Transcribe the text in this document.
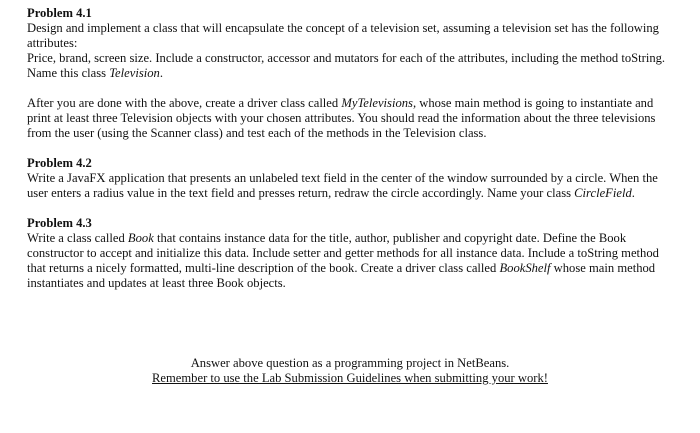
Problem 4.1

Design and implement a class that will encapsulate the concept of a television set, assuming a television set has the following attributes:
Price, brand, screen size. Include a constructor, accessor and mutators for each of the attributes, including the method toString. Name this class Television.

After you are done with the above, create a driver class called MyTelevisions, whose main method is going to instantiate and print at least three Television objects with your chosen attributes. You should read the information about the three televisions from the user (using the Scanner class) and test each of the methods in the Television class.

Problem 4.2

Write a JavaFX application that presents an unlabeled text field in the center of the window surrounded by a circle. When the user enters a radius value in the text field and presses return, redraw the circle accordingly. Name your class CircleField.

Problem 4.3

Write a class called Book that contains instance data for the title, author, publisher and copyright date. Define the Book constructor to accept and initialize this data. Include setter and getter methods for all instance data. Include a toString method that returns a nicely formatted, multi-line description of the book. Create a driver class called BookShelf whose main method instantiates and updates at least three Book objects.

Answer above question as a programming project in NetBeans.
Remember to use the Lab Submission Guidelines when submitting your work!
